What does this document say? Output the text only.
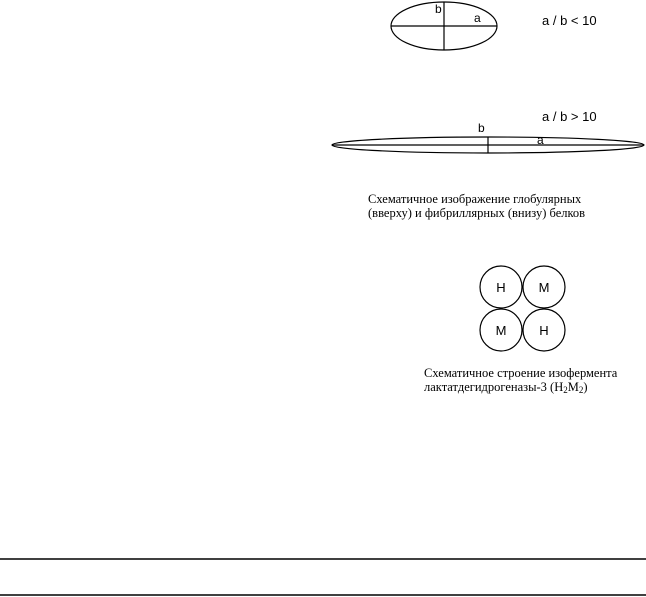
b
a	a / b < 10
a / b > 10
b
a
H	M
M	H
Схематичное изображение глобулярных
(вверху) и фибриллярных (внизу) белков
Схематичное строение изофермента
лактатдегидрогеназы-3 $(H_2M_2)$
